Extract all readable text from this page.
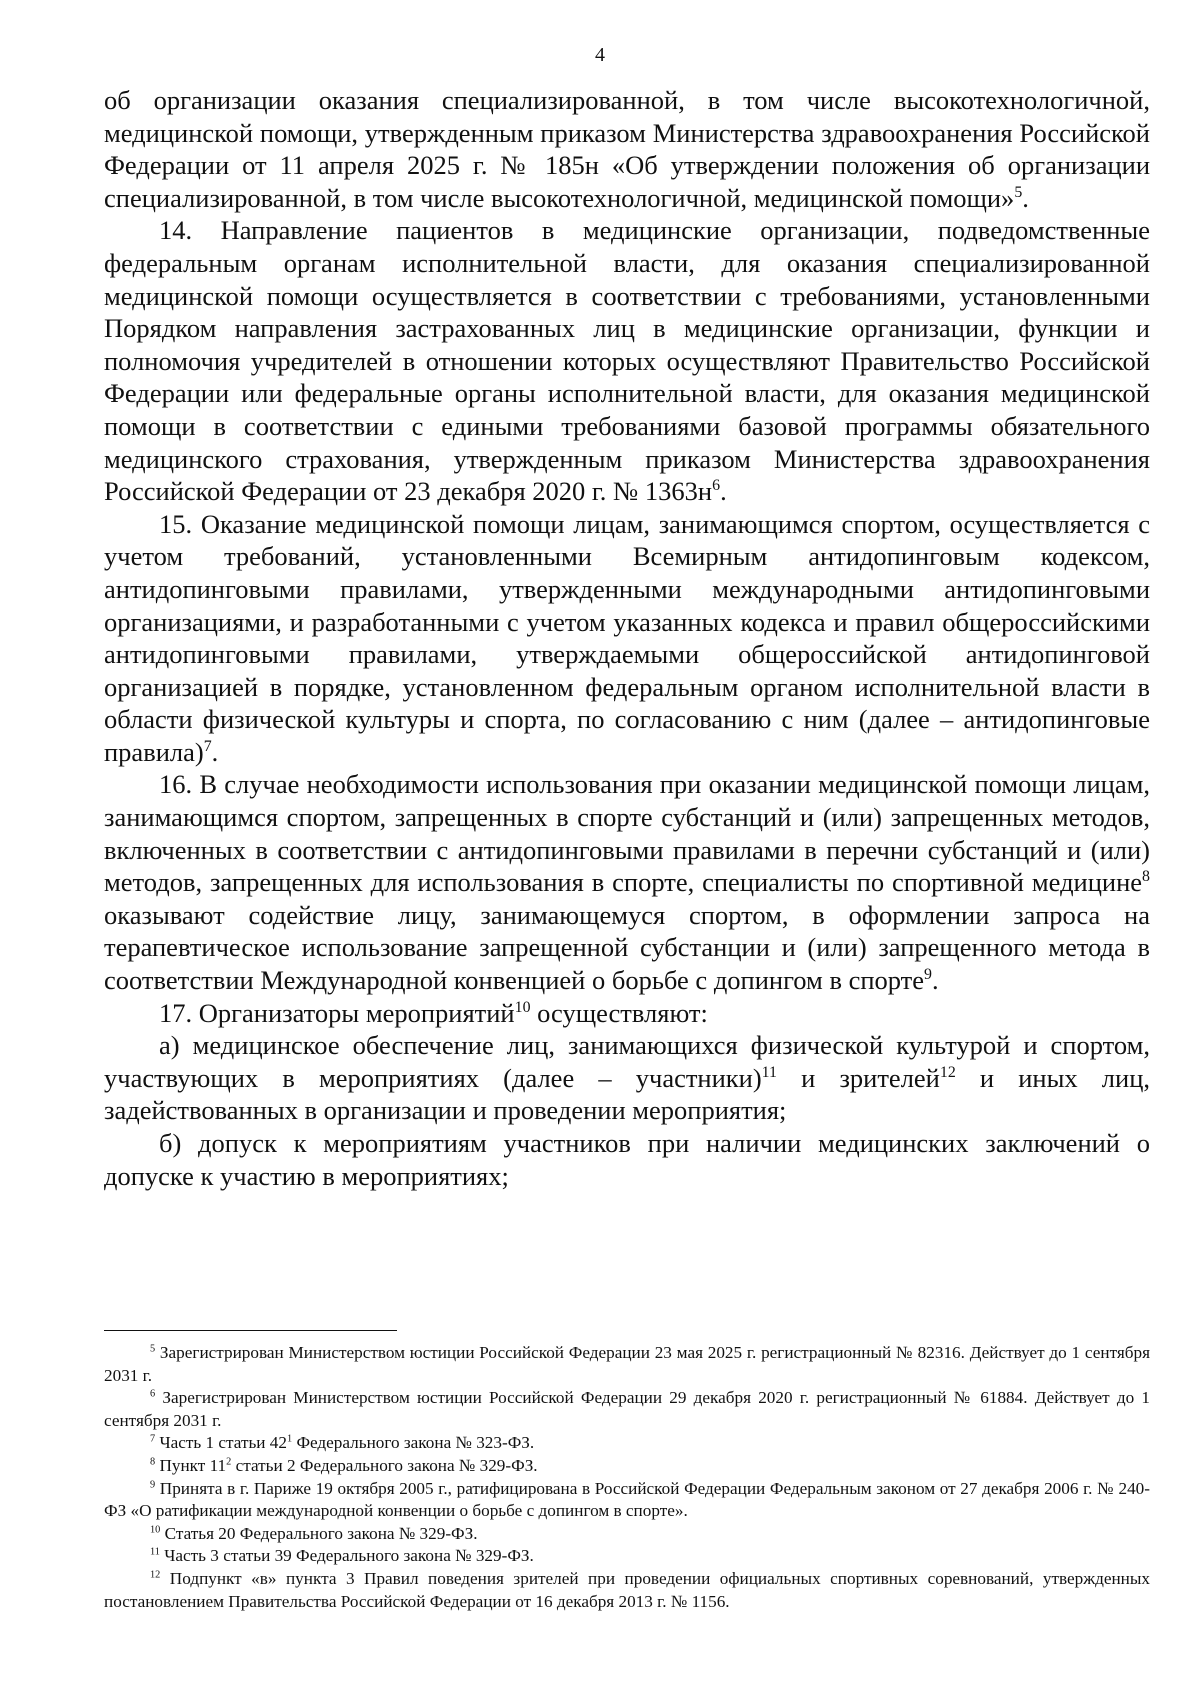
4

об организации оказания специализированной, в том числе высокотехнологичной, медицинской помощи, утвержденным приказом Министерства здравоохранения Российской Федерации от 11 апреля 2025 г. № 185н «Об утверждении положения об организации специализированной, в том числе высокотехнологичной, медицинской помощи»$^5$.

14. Направление пациентов в медицинские организации, подведомственные федеральным органам исполнительной власти, для оказания специализированной медицинской помощи осуществляется в соответствии с требованиями, установленными Порядком направления застрахованных лиц в медицинские организации, функции и полномочия учредителей в отношении которых осуществляют Правительство Российской Федерации или федеральные органы исполнительной власти, для оказания медицинской помощи в соответствии с едиными требованиями базовой программы обязательного медицинского страхования, утвержденным приказом Министерства здравоохранения Российской Федерации от 23 декабря 2020 г. № $1363н^6$.

15. Оказание медицинской помощи лицам, занимающимся спортом, осуществляется с учетом требований, установленными Всемирным антидопинговым кодексом, антидопинговыми правилами, утвержденными международными антидопинговыми организациями, и разработанными с учетом указанных кодекса и правил общероссийскими антидопинговыми правилами, утверждаемыми общероссийской антидопинговой организацией в порядке, установленном федеральным органом исполнительной власти в области физической культуры и спорта, по согласованию с ним (далее – антидопинговые правила)$^7$.

16. В случае необходимости использования при оказании медицинской помощи лицам, занимающимся спортом, запрещенных в спорте субстанций и (или) запрещенных методов, включенных в соответствии с антидопинговыми правилами в перечни субстанций и (или) методов, запрещенных для использования в спорте, специалисты по спортивной медицине$^8$ оказывают содействие лицу, занимающемуся спортом, в оформлении запроса на терапевтическое использование запрещенной субстанции и (или) запрещенного метода в соответствии Международной конвенцией о борьбе с допингом в спорте$^9$.

17. Организаторы мероприятий$^{10}$ осуществляют:

а) медицинское обеспечение лиц, занимающихся физической культурой и спортом, участвующих в мероприятиях (далее – участники)$^{11}$ и зрителей$^{12}$ и иных лиц, задействованных в организации и проведении мероприятия;

б) допуск к мероприятиям участников при наличии медицинских заключений о допуске к участию в мероприятиях;

$^5$ Зарегистрирован Министерством юстиции Российской Федерации 23 мая 2025 г. регистрационный № 82316. Действует до 1 сентября 2031 г.

$^6$ Зарегистрирован Министерством юстиции Российской Федерации 29 декабря 2020 г. регистрационный № 61884. Действует до 1 сентября 2031 г.

$^7$ Часть 1 статьи $42^1$ Федерального закона № 323-ФЗ.

$^8$ Пункт $11^2$ статьи 2 Федерального закона № 329-ФЗ.

$^9$ Принята в г. Париже 19 октября 2005 г., ратифицирована в Российской Федерации Федеральным законом от 27 декабря 2006 г. № 240-ФЗ «О ратификации международной конвенции о борьбе с допингом в спорте».

$^{10}$ Статья 20 Федерального закона № 329-ФЗ.

$^{11}$ Часть 3 статьи 39 Федерального закона № 329-ФЗ.

$^{12}$ Подпункт «в» пункта 3 Правил поведения зрителей при проведении официальных спортивных соревнований, утвержденных постановлением Правительства Российской Федерации от 16 декабря 2013 г. № 1156.
